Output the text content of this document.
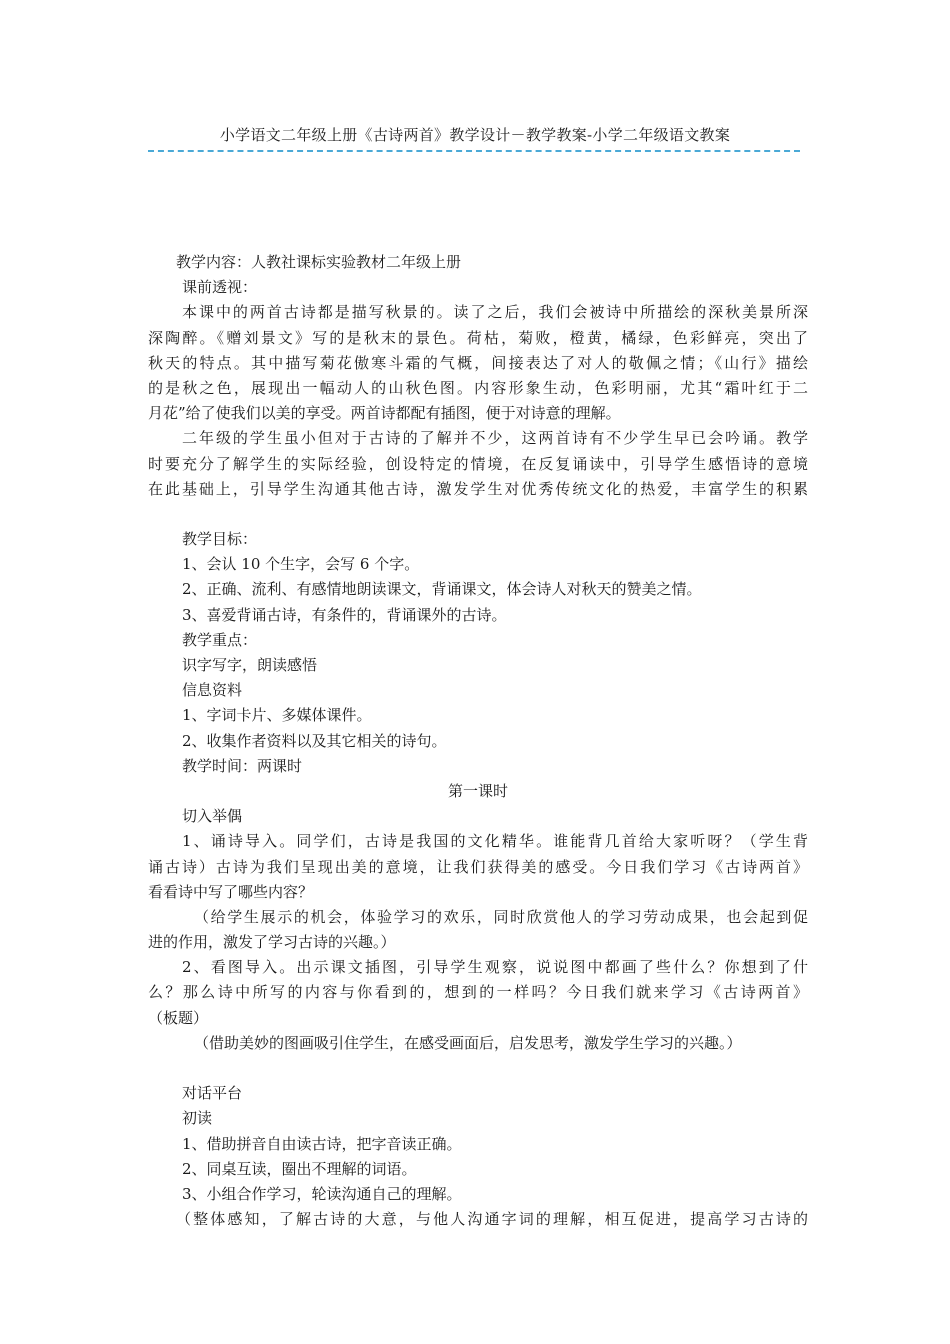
小学语文二年级上册《古诗两首》教学设计－教学教案-小学二年级语文教案
教学内容：人教社课标实验教材二年级上册
课前透视：
本课中的两首古诗都是描写秋景的。读了之后，我们会被诗中所描绘的深秋美景所深
深陶醉。《赠刘景文》写的是秋末的景色。荷枯，菊败，橙黄，橘绿，色彩鲜亮，突出了
秋天的特点。其中描写菊花傲寒斗霜的气概，间接表达了对人的敬佩之情；《山行》描绘
的是秋之色，展现出一幅动人的山秋色图。内容形象生动，色彩明丽，尤其“霜叶红于二
月花”给了使我们以美的享受。两首诗都配有插图，便于对诗意的理解。
二年级的学生虽小但对于古诗的了解并不少，这两首诗有不少学生早已会吟诵。教学
时要充分了解学生的实际经验，创设特定的情境，在反复诵读中，引导学生感悟诗的意境
在此基础上，引导学生沟通其他古诗，激发学生对优秀传统文化的热爱，丰富学生的积累
教学目标：
1、会认 10 个生字，会写 6 个字。
2、正确、流利、有感情地朗读课文，背诵课文，体会诗人对秋天的赞美之情。
3、喜爱背诵古诗，有条件的，背诵课外的古诗。
教学重点：
识字写字，朗读感悟
信息资料
1、字词卡片、多媒体课件。
2、收集作者资料以及其它相关的诗句。
教学时间：两课时
第一课时
切入举偶
1、诵诗导入。同学们，古诗是我国的文化精华。谁能背几首给大家听呀？（学生背
诵古诗）古诗为我们呈现出美的意境，让我们获得美的感受。今日我们学习《古诗两首》
看看诗中写了哪些内容？
（给学生展示的机会，体验学习的欢乐，同时欣赏他人的学习劳动成果，也会起到促
进的作用，激发了学习古诗的兴趣。）
2、看图导入。出示课文插图，引导学生观察，说说图中都画了些什么？你想到了什
么？那么诗中所写的内容与你看到的，想到的一样吗？今日我们就来学习《古诗两首》
（板题）
（借助美妙的图画吸引住学生，在感受画面后，启发思考，激发学生学习的兴趣。）
对话平台
初读
1、借助拼音自由读古诗，把字音读正确。
2、同桌互读，圈出不理解的词语。
3、小组合作学习，轮读沟通自己的理解。
（整体感知，了解古诗的大意，与他人沟通字词的理解，相互促进，提高学习古诗的
